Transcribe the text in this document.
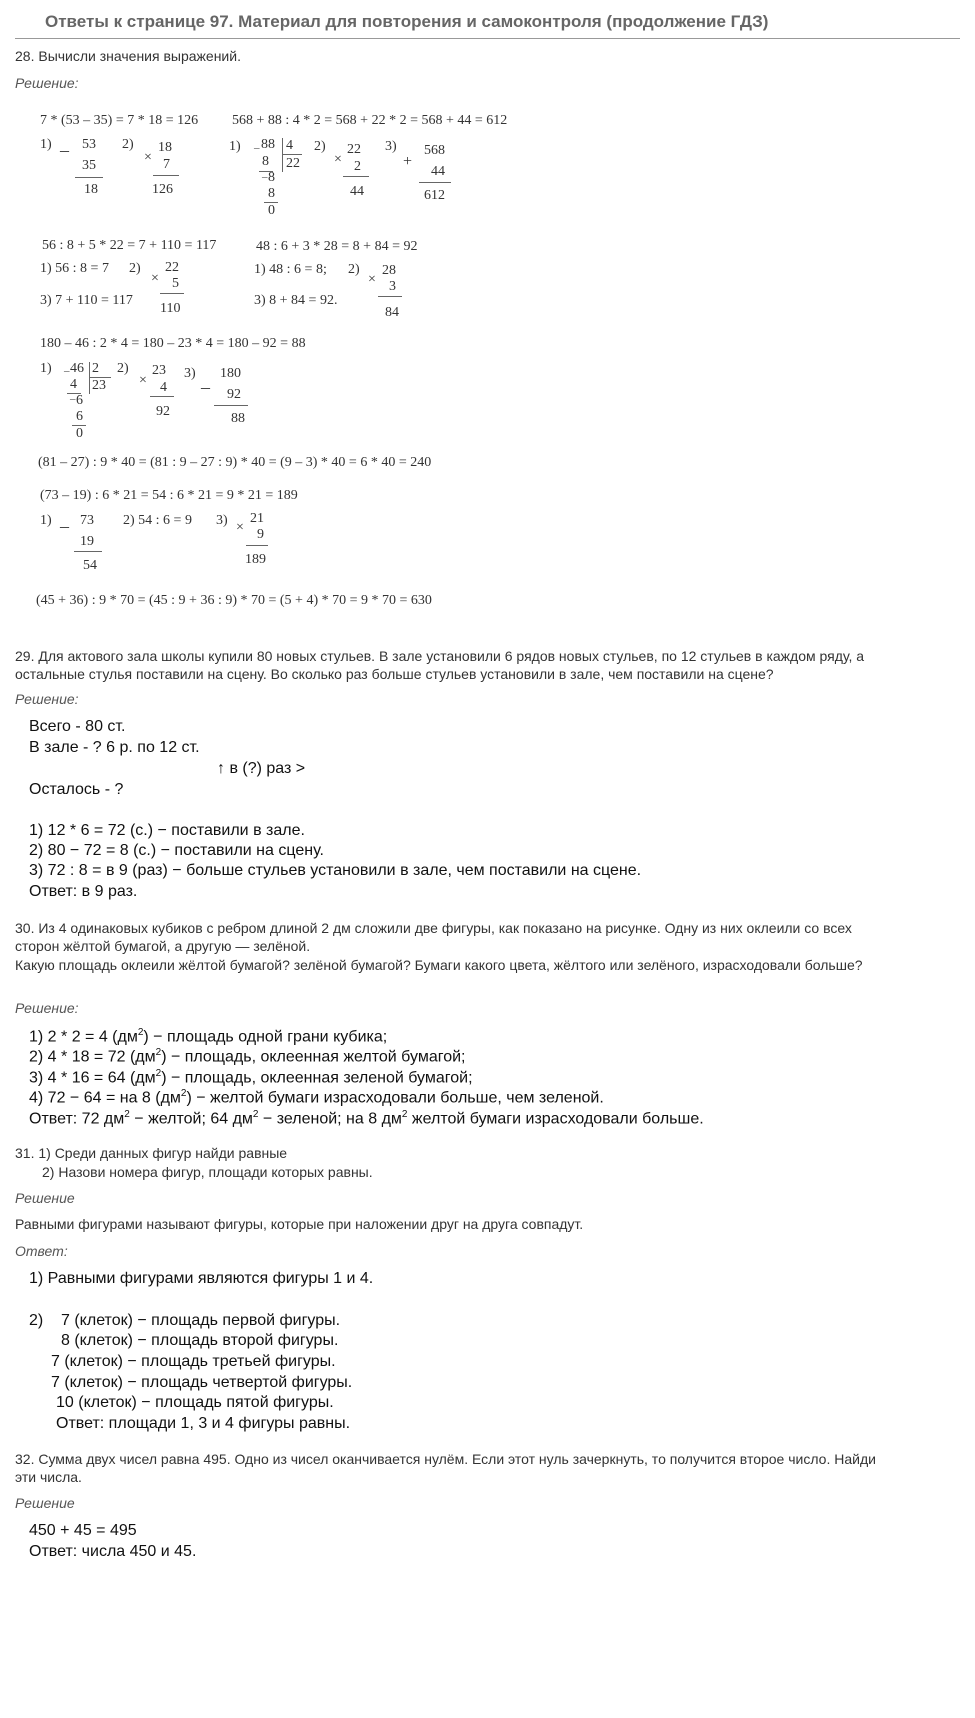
Ответы к странице 97. Материал для повторения и самоконтроля (продолжение ГДЗ)
28. Вычисли значения выражений.
Решение:
7 * (53 – 35) = 7 * 18 = 126 568 + 88 : 4 * 2 = 568 + 22 * 2 = 568 + 44 = 612
1) – 53
35
18
2)
×
18
7
126
1) – 88 4
22
8
– 8
8
0
2)
×
22
2
44
3)
+
568
44
612
56 : 8 + 5 * 22 = 7 + 110 = 117	48 : 6 + 3 * 28 = 8 + 84 = 92
1) 56 : 8 = 7 2)
×
22
5
110
3) 7 + 110 = 117
1) 48 : 6 = 8; 2)
×
28
3
84
3) 8 + 84 = 92.
180 – 46 : 2 * 4 = 180 – 23 * 4 = 180 – 92 = 88
1) – 46 2
23
4
– 6
6
0
2)
×
23
4
92
3)
–
180
92
88
(81 – 27) : 9 * 40 = (81 : 9 – 27 : 9) * 40 = (9 – 3) * 40 = 6 * 40 = 240
(73 – 19) : 6 * 21 = 54 : 6 * 21 = 9 * 21 = 189
1) – 73
19
54
2) 54 : 6 = 9 3) ×
21
9
189
(45 + 36) : 9 * 70 = (45 : 9 + 36 : 9) * 70 = (5 + 4) * 70 = 9 * 70 = 630
29. Для актового зала школы купили 80 новых стульев. В зале установили 6 рядов новых стульев, по 12 стульев в каждом ряду, а остальные стулья поставили на сцену. Во сколько раз больше стульев установили в зале, чем поставили на сцене?
Решение:
Всего - 80 ст.
В зале - ? 6 р. по 12 ст.
↑ в (?) раз >
Осталось - ?
1) 12 * 6 = 72 (с.) − поставили в зале.
2) 80 − 72 = 8 (с.) − поставили на сцену.
3) 72 : 8 = в 9 (раз) − больше стульев установили в зале, чем поставили на сцене.
Ответ: в 9 раз.
30. Из 4 одинаковых кубиков с ребром длиной 2 дм сложили две фигуры, как показано на рисунке. Одну из них оклеили со всех сторон жёлтой бумагой, а другую — зелёной.
Какую площадь оклеили жёлтой бумагой? зелёной бумагой? Бумаги какого цвета, жёлтого или зелёного, израсходовали больше?
Решение:
1) 2 * 2 = 4 $(дм^2)$ − площадь одной грани кубика;
2) 4 * 18 = 72 $(дм^2)$ − площадь, оклеенная желтой бумагой;
3) 4 * 16 = 64 $(дм^2)$ − площадь, оклеенная зеленой бумагой;
4) 72 − 64 = на 8 $(дм^2)$ − желтой бумаги израсходовали больше, чем зеленой.
Ответ: 72 $дм^2$ − желтой; 64 $дм^2$ − зеленой; на 8 $дм^2$ желтой бумаги израсходовали больше.
31. 1) Среди данных фигур найди равные
2) Назови номера фигур, площади которых равны.
Решение
Равными фигурами называют фигуры, которые при наложении друг на друга совпадут.
Ответ:
1) Равными фигурами являются фигуры 1 и 4.
2) 7 (клеток) − площадь первой фигуры.
8 (клеток) − площадь второй фигуры.
7 (клеток) − площадь третьей фигуры.
7 (клеток) − площадь четвертой фигуры.
10 (клеток) − площадь пятой фигуры.
Ответ: площади 1, 3 и 4 фигуры равны.
32. Сумма двух чисел равна 495. Одно из чисел оканчивается нулём. Если этот нуль зачеркнуть, то получится второе число. Найди эти числа.
Решение
450 + 45 = 495
Ответ: числа 450 и 45.
